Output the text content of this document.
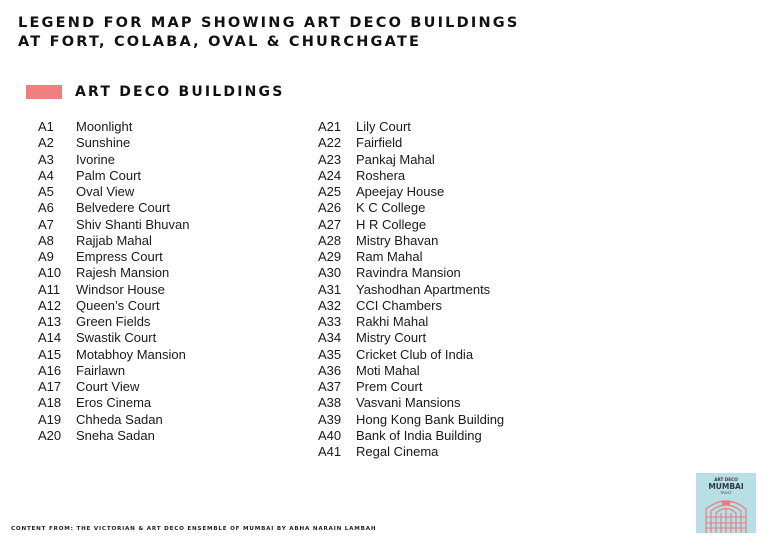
LEGEND FOR MAP SHOWING ART DECO BUILDINGS
AT FORT, COLABA, OVAL & CHURCHGATE
ART DECO BUILDINGS
A1	Moonlight
A2	Sunshine
A3	Ivorine
A4	Palm Court
A5	Oval View
A6	Belvedere Court
A7	Shiv Shanti Bhuvan
A8	Rajjab Mahal
A9	Empress Court
A10	Rajesh Mansion
A11	Windsor House
A12	Queen’s Court
A13	Green Fields
A14	Swastik Court
A15	Motabhoy Mansion
A16	Fairlawn
A17	Court View
A18	Eros Cinema
A19	Chheda Sadan
A20	Sneha Sadan
A21	Lily Court
A22	Fairfield
A23	Pankaj Mahal
A24	Roshera
A25	Apeejay House
A26	K C College
A27	H R College
A28	Mistry Bhavan
A29	Ram Mahal
A30	Ravindra Mansion
A31	Yashodhan Apartments
A32	CCI Chambers
A33	Rakhi Mahal
A34	Mistry Court
A35	Cricket Club of India
A36	Moti Mahal
A37	Prem Court
A38	Vasvani Mansions
A39	Hong Kong Bank Building
A40	Bank of India Building
A41	Regal Cinema
CONTENT FROM: THE VICTORIAN & ART DECO ENSEMBLE OF MUMBAI BY ABHA NARAIN LAMBAH
ART DECO
MUMBAI
TRUST
